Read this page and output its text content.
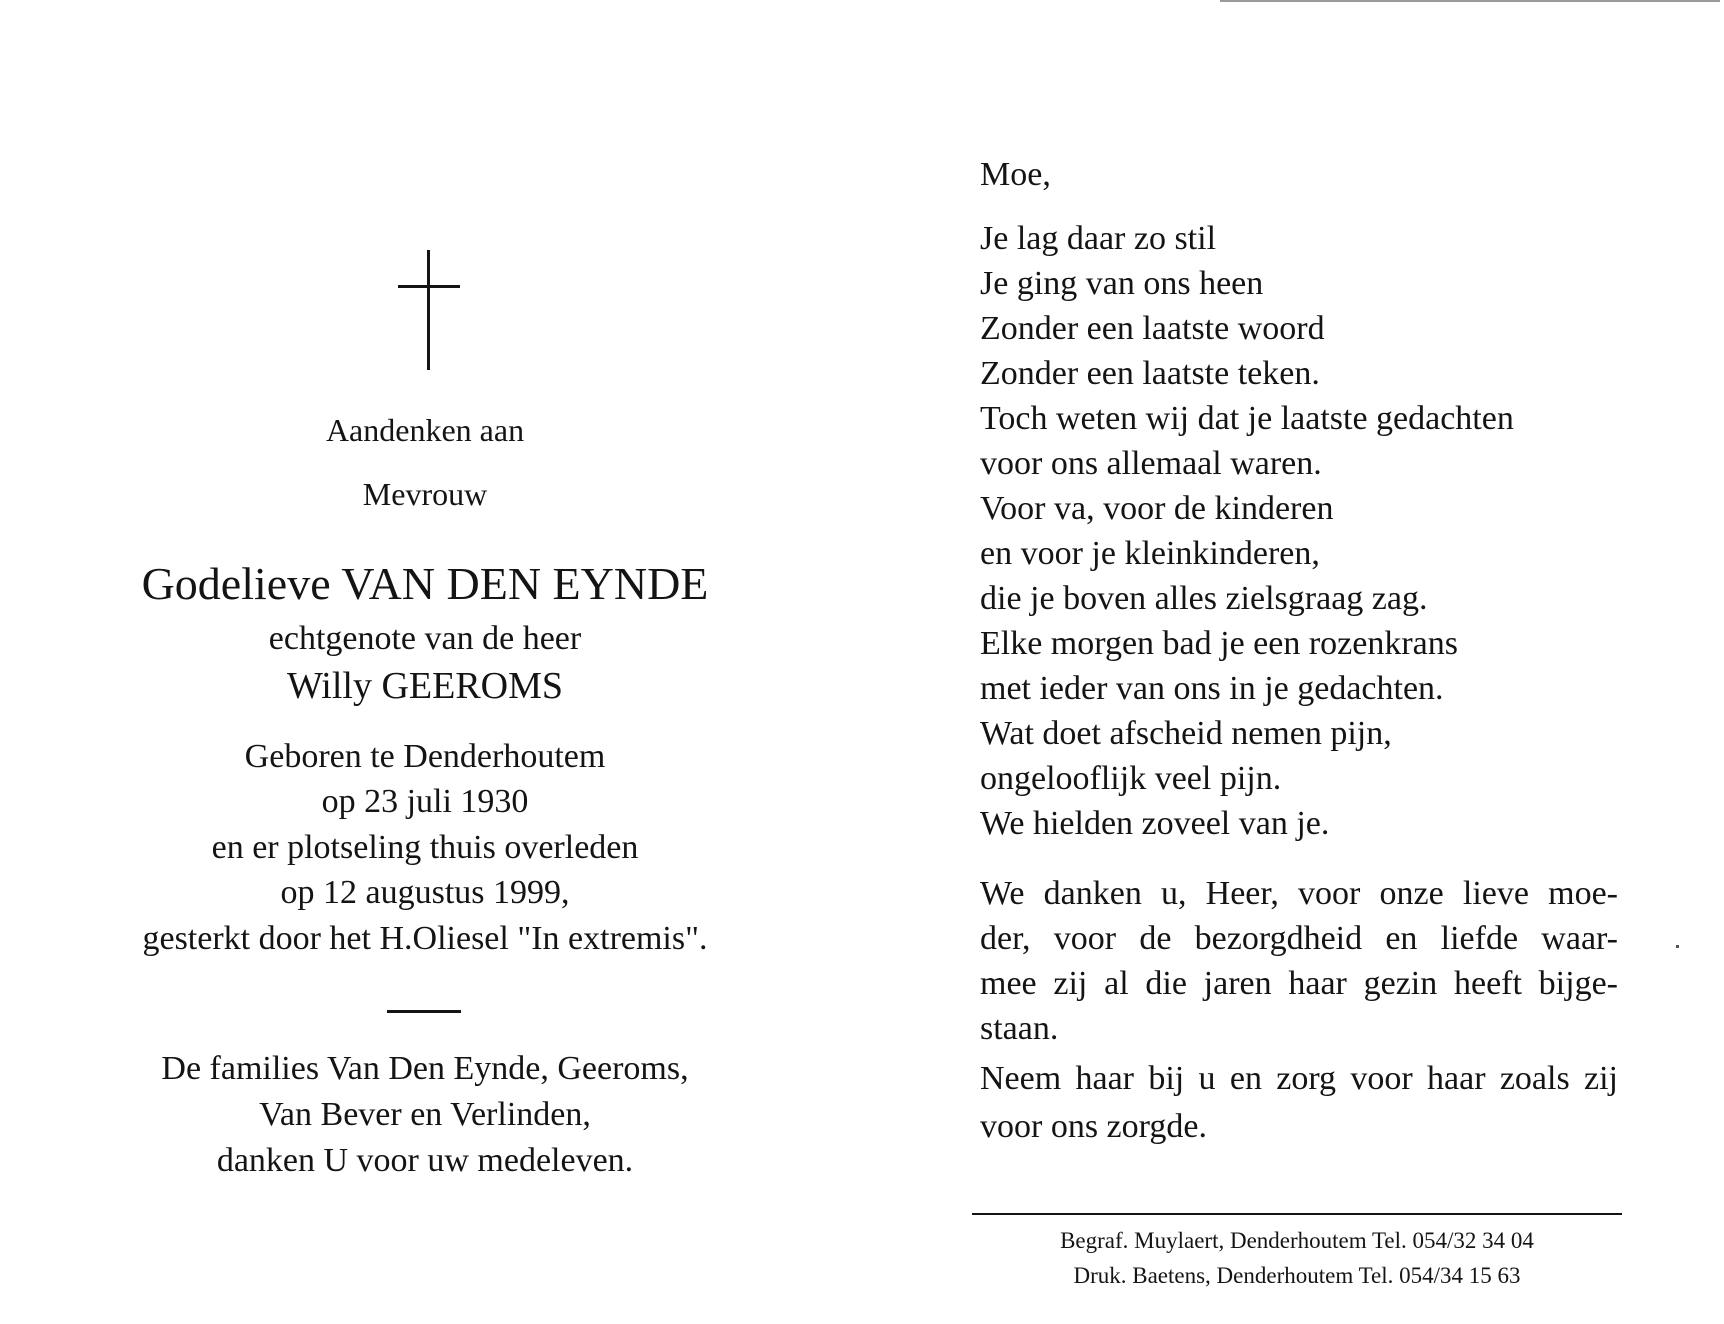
Aandenken aan
Mevrouw
Godelieve VAN DEN EYNDE
echtgenote van de heer
Willy GEEROMS
Geboren te Denderhoutem
op 23 juli 1930
en er plotseling thuis overleden
op 12 augustus 1999,
gesterkt door het H.Oliesel "In extremis".
De families Van Den Eynde, Geeroms,
Van Bever en Verlinden,
danken U voor uw medeleven.
Moe,
Je lag daar zo stil
Je ging van ons heen
Zonder een laatste woord
Zonder een laatste teken.
Toch weten wij dat je laatste gedachten
voor ons allemaal waren.
Voor va, voor de kinderen
en voor je kleinkinderen,
die je boven alles zielsgraag zag.
Elke morgen bad je een rozenkrans
met ieder van ons in je gedachten.
Wat doet afscheid nemen pijn,
ongelooflijk veel pijn.
We hielden zoveel van je.
We danken u, Heer, voor onze lieve moe-
der, voor de bezorgdheid en liefde waar-
mee zij al die jaren haar gezin heeft bijge-
staan.
Neem haar bij u en zorg voor haar zoals zij
voor ons zorgde.
Begraf. Muylaert, Denderhoutem Tel. 054/32 34 04
Druk. Baetens, Denderhoutem Tel. 054/34 15 63
